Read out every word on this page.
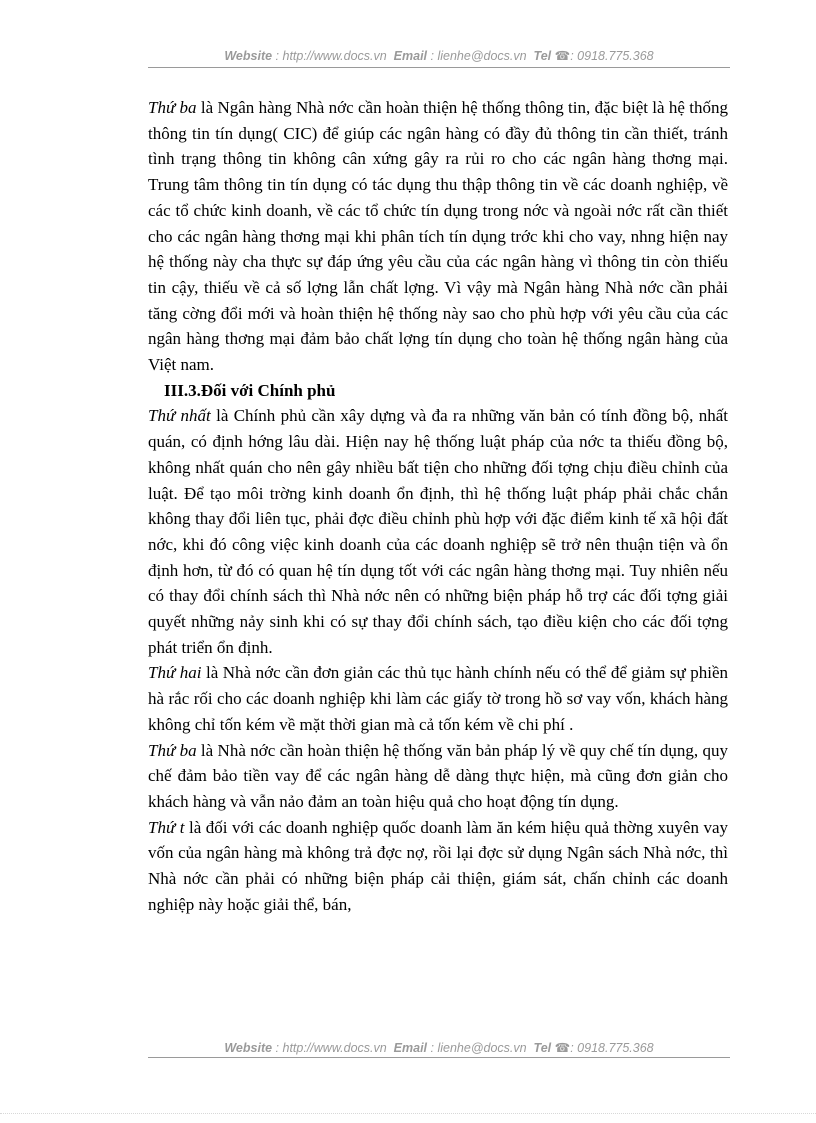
Website : http://www.docs.vn Email : lienhe@docs.vn Tel ☎: 0918.775.368

Thứ ba là Ngân hàng Nhà nớc cần hoàn thiện hệ thống thông tin, đặc biệt là hệ thống thông tin tín dụng( CIC) để giúp các ngân hàng có đầy đủ thông tin cần thiết, tránh tình trạng thông tin không cân xứng gây ra rủi ro cho các ngân hàng thơng mại. Trung tâm thông tin tín dụng có tác dụng thu thập thông tin về các doanh nghiệp, về các tổ chức kinh doanh, về các tổ chức tín dụng trong nớc và ngoài nớc rất cần thiết cho các ngân hàng thơng mại khi phân tích tín dụng trớc khi cho vay, nhng hiện nay hệ thống này cha thực sự đáp ứng yêu cầu của các ngân hàng vì thông tin còn thiếu tin cậy, thiếu về cả số lợng lẫn chất lợng. Vì vậy mà Ngân hàng Nhà nớc cần phải tăng cờng đổi mới và hoàn thiện hệ thống này sao cho phù hợp với yêu cầu của các ngân hàng thơng mại đảm bảo chất lợng tín dụng cho toàn hệ thống ngân hàng của Việt nam.

III.3.Đối với Chính phủ

Thứ nhất là Chính phủ cần xây dựng và đa ra những văn bản có tính đồng bộ, nhất quán, có định hớng lâu dài. Hiện nay hệ thống luật pháp của nớc ta thiếu đồng bộ, không nhất quán cho nên gây nhiều bất tiện cho những đối tợng chịu điều chỉnh của luật. Để tạo môi trờng kinh doanh ổn định, thì hệ thống luật pháp phải chắc chắn không thay đổi liên tục, phải đợc điều chỉnh phù hợp với đặc điểm kinh tế xã hội đất nớc, khi đó công việc kinh doanh của các doanh nghiệp sẽ trở nên thuận tiện và ổn định hơn, từ đó có quan hệ tín dụng tốt với các ngân hàng thơng mại. Tuy nhiên nếu có thay đổi chính sách thì Nhà nớc nên có những biện pháp hỗ trợ các đối tợng giải quyết những nảy sinh khi có sự thay đổi chính sách, tạo điều kiện cho các đối tợng phát triển ổn định.

Thứ hai là Nhà nớc cần đơn giản các thủ tục hành chính nếu có thể để giảm sự phiền hà rắc rối cho các doanh nghiệp khi làm các giấy tờ trong hồ sơ vay vốn, khách hàng không chỉ tốn kém về mặt thời gian mà cả tốn kém về chi phí .

Thứ ba là Nhà nớc cần hoàn thiện hệ thống văn bản pháp lý về quy chế tín dụng, quy chế đảm bảo tiền vay để các ngân hàng dễ dàng thực hiện, mà cũng đơn giản cho khách hàng và vẫn nảo đảm an toàn hiệu quả cho hoạt động tín dụng.

Thứ t là đối với các doanh nghiệp quốc doanh làm ăn kém hiệu quả thờng xuyên vay vốn của ngân hàng mà không trả đợc nợ, rồi lại đợc sử dụng Ngân sách Nhà nớc, thì Nhà nớc cần phải có những biện pháp cải thiện, giám sát, chấn chỉnh các doanh nghiệp này hoặc giải thể, bán,

Website : http://www.docs.vn Email : lienhe@docs.vn Tel ☎: 0918.775.368
